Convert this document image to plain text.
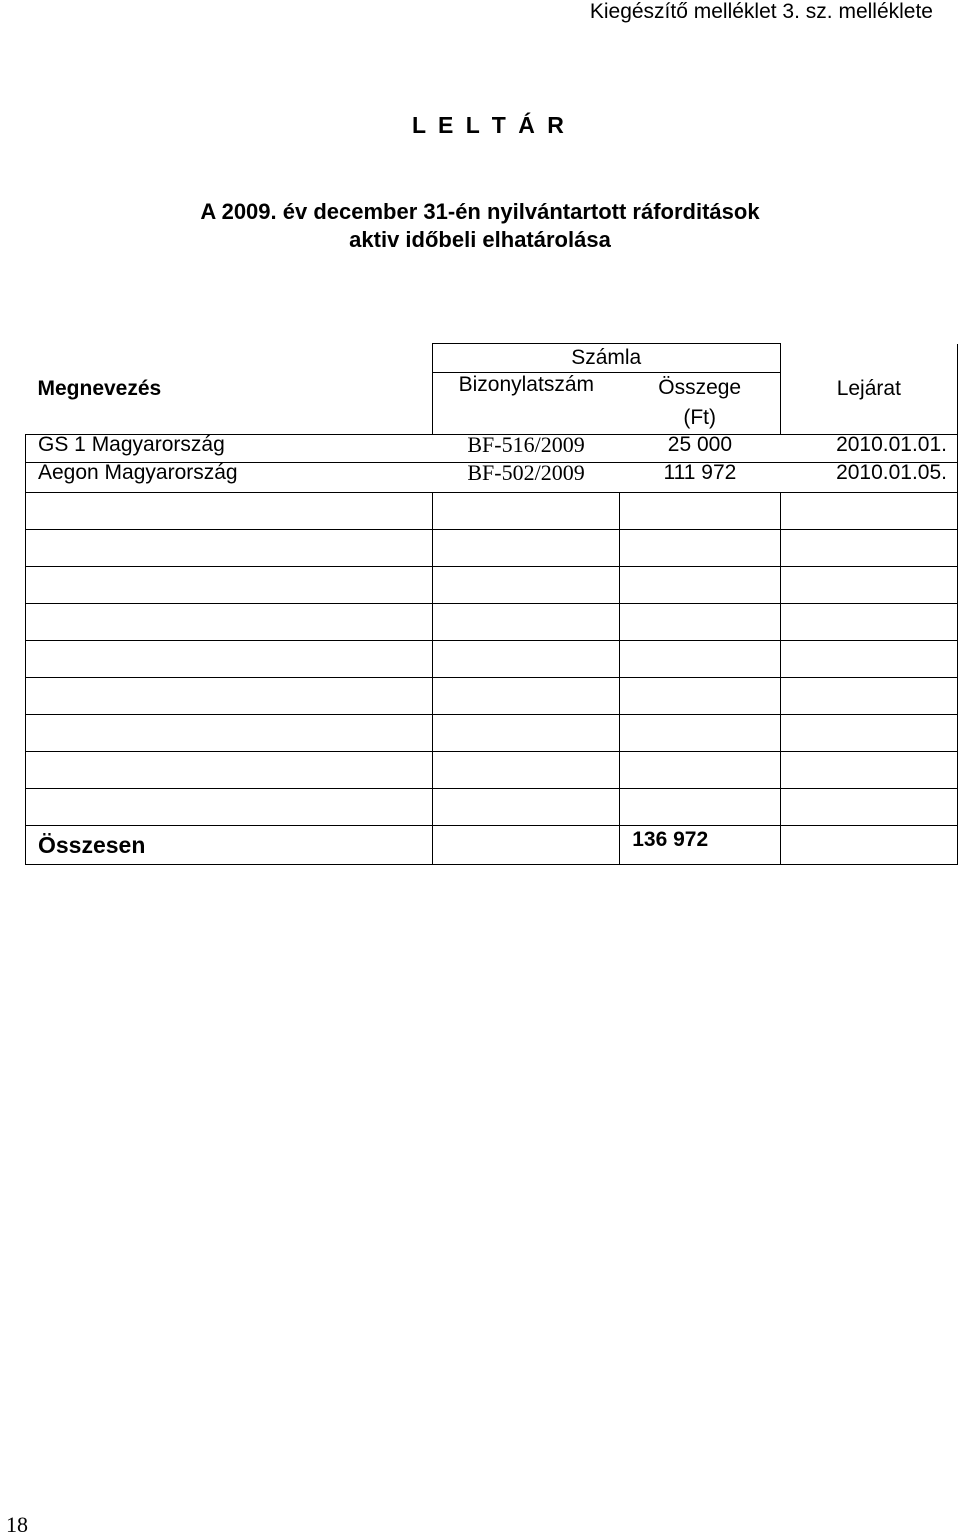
Kiegészítő melléklet 3. sz. melléklete
L E L T Á R
A 2009. év december 31-én nyilvántartott ráforditások
aktiv időbeli elhatárolása
Megnevezés	Számla		Lejárat
	Bizonylatszám	Összege
(Ft)	

GS 1 Magyarország	BF-516/2009	25 000	2010.01.01.
Aegon Magyarország	BF-502/2009	111 972	2010.01.05.

Összesen		136 972	
18
